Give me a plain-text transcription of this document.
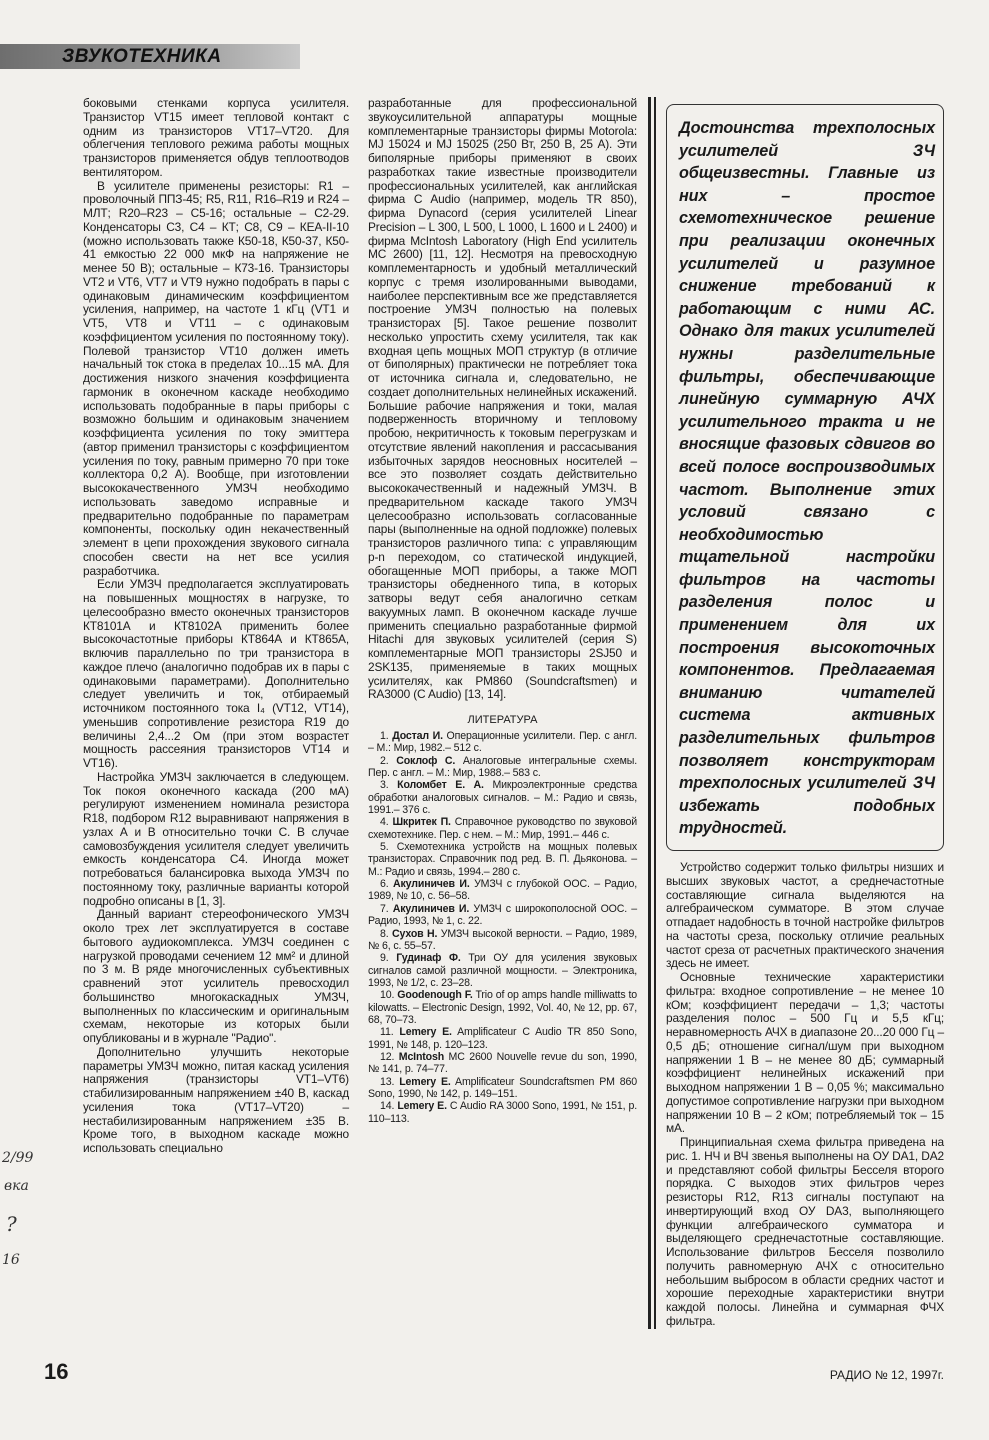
ЗВУКОТЕХНИКА

боковыми стенками корпуса усилителя. Транзистор VT15 имеет тепловой контакт с одним из транзисторов VT17–VT20. Для облегчения теплового режима работы мощных транзисторов применяется обдув теплоотводов вентилятором.

В усилителе применены резисторы: R1 – проволочный ППЗ-45; R5, R11, R16–R19 и R24 – МЛТ; R20–R23 – С5-16; остальные – С2-29. Конденсаторы С3, С4 – КТ; С8, С9 – КЕА-II-10 (можно использовать также К50-18, К50-37, К50-41 емкостью 22 000 мкФ на напряжение не менее 50 В); остальные – К73-16. Транзисторы VT2 и VT6, VT7 и VT9 нужно подобрать в пары с одинаковым динамическим коэффициентом усиления, например, на частоте 1 кГц (VT1 и VT5, VT8 и VT11 – с одинаковым коэффициентом усиления по постоянному току). Полевой транзистор VT10 должен иметь начальный ток стока в пределах 10...15 мА. Для достижения низкого значения коэффициента гармоник в оконечном каскаде необходимо использовать подобранные в пары приборы с возможно большим и одинаковым значением коэффициента усиления по току эмиттера (автор применил транзисторы с коэффициентом усиления по току, равным примерно 70 при токе коллектора 0,2 А). Вообще, при изготовлении высококачественного УМЗЧ необходимо использовать заведомо исправные и предварительно подобранные по параметрам компоненты, поскольку один некачественный элемент в цепи прохождения звукового сигнала способен свести на нет все усилия разработчика.

Если УМЗЧ предполагается эксплуатировать на повышенных мощностях в нагрузке, то целесообразно вместо оконечных транзисторов КТ8101А и КТ8102А применить более высокочастотные приборы КТ864А и КТ865А, включив параллельно по три транзистора в каждое плечо (аналогично подобрав их в пары с одинаковыми параметрами). Дополнительно следует увеличить и ток, отбираемый источником постоянного тока I₄ (VT12, VT14), уменьшив сопротивление резистора R19 до величины 2,4...2 Ом (при этом возрастет мощность рассеяния транзисторов VT14 и VT16).

Настройка УМЗЧ заключается в следующем. Ток покоя оконечного каскада (200 мА) регулируют изменением номинала резистора R18, подбором R12 выравнивают напряжения в узлах А и В относительно точки С. В случае самовозбуждения усилителя следует увеличить емкость конденсатора С4. Иногда может потребоваться балансировка выхода УМЗЧ по постоянному току, различные варианты которой подробно описаны в [1, 3].

Данный вариант стереофонического УМЗЧ около трех лет эксплуатируется в составе бытового аудиокомплекса. УМЗЧ соединен с нагрузкой проводами сечением 12 мм² и длиной по 3 м. В ряде многочисленных субъективных сравнений этот усилитель превосходил большинство многокаскадных УМЗЧ, выполненных по классическим и оригинальным схемам, некоторые из которых были опубликованы и в журнале "Радио".

Дополнительно улучшить некоторые параметры УМЗЧ можно, питая каскад усиления напряжения (транзисторы VT1–VT6) стабилизированным напряжением ±40 В, каскад усиления тока (VT17–VT20) – нестабилизированным напряжением ±35 В. Кроме того, в выходном каскаде можно использовать специально

разработанные для профессиональной звукоусилительной аппаратуры мощные комплементарные транзисторы фирмы Motorola: MJ 15024 и MJ 15025 (250 Вт, 250 В, 25 А). Эти биполярные приборы применяют в своих разработках такие известные производители профессиональных усилителей, как английская фирма C Audio (например, модель TR 850), фирма Dynacord (серия усилителей Linear Precision – L 300, L 500, L 1000, L 1600 и L 2400) и фирма McIntosh Laboratory (High End усилитель MC 2600) [11, 12]. Несмотря на превосходную комплементарность и удобный металлический корпус с тремя изолированными выводами, наиболее перспективным все же представляется построение УМЗЧ полностью на полевых транзисторах [5]. Такое решение позволит несколько упростить схему усилителя, так как входная цепь мощных МОП структур (в отличие от биполярных) практически не потребляет тока от источника сигнала и, следовательно, не создает дополнительных нелинейных искажений. Большие рабочие напряжения и токи, малая подверженность вторичному и тепловому пробою, некритичность к токовым перегрузкам и отсутствие явлений накопления и рассасывания избыточных зарядов неосновных носителей – все это позволяет создать действительно высококачественный и надежный УМЗЧ. В предварительном каскаде такого УМЗЧ целесообразно использовать согласованные пары (выполненные на одной подложке) полевых транзисторов различного типа: с управляющим p-n переходом, со статической индукцией, обогащенные МОП приборы, а также МОП транзисторы обедненного типа, в которых затворы ведут себя аналогично сеткам вакуумных ламп. В оконечном каскаде лучше применить специально разработанные фирмой Hitachi для звуковых усилителей (серия S) комплементарные МОП транзисторы 2SJ50 и 2SK135, применяемые в таких мощных усилителях, как PM860 (Soundcraftsmen) и RA3000 (C Audio) [13, 14].

ЛИТЕРАТУРА
1. Достал И. Операционные усилители. Пер. с англ. – М.: Мир, 1982.– 512 с.
2. Соклоф С. Аналоговые интегральные схемы. Пер. с англ. – М.: Мир, 1988.– 583 с.
3. Коломбет Е. А. Микроэлектронные средства обработки аналоговых сигналов. – М.: Радио и связь, 1991.– 376 с.
4. Шкритек П. Справочное руководство по звуковой схемотехнике. Пер. с нем. – М.: Мир, 1991.– 446 с.
5. Схемотехника устройств на мощных полевых транзисторах. Справочник под ред. В. П. Дьяконова. – М.: Радио и связь, 1994.– 280 с.
6. Акулиничев И. УМЗЧ с глубокой ООС. – Радио, 1989, № 10, с. 56–58.
7. Акулиничев И. УМЗЧ с широкополосной ООС. – Радио, 1993, № 1, с. 22.
8. Сухов Н. УМЗЧ высокой верности. – Радио, 1989, № 6, с. 55–57.
9. Гудинаф Ф. Три ОУ для усиления звуковых сигналов самой различной мощности. – Электроника, 1993, № 1/2, с. 23–28.
10. Goodenough F. Trio of op amps handle milliwatts to kilowatts. – Electronic Design, 1992, Vol. 40, № 12, pp. 67, 68, 70–73.
11. Lemery E. Amplificateur C Audio TR 850 Sono, 1991, № 148, p. 120–123.
12. McIntosh MC 2600 Nouvelle revue du son, 1990, № 141, p. 74–77.
13. Lemery E. Amplificateur Soundcraftsmen PM 860 Sono, 1990, № 142, p. 149–151.
14. Lemery E. C Audio RA 3000 Sono, 1991, № 151, p. 110–113.

Достоинства трехполосных усилителей ЗЧ общеизвестны. Главные из них – простое схемотехническое решение при реализации оконечных усилителей и разумное снижение требований к работающим с ними АС. Однако для таких усилителей нужны разделительные фильтры, обеспечивающие линейную суммарную АЧХ усилительного тракта и не вносящие фазовых сдвигов во всей полосе воспроизводимых частот. Выполнение этих условий связано с необходимостью тщательной настройки фильтров на частоты разделения полос и применением для их построения высокоточных компонентов. Предлагаемая вниманию читателей система активных разделительных фильтров позволяет конструкторам трехполосных усилителей ЗЧ избежать подобных трудностей.

Устройство содержит только фильтры низших и высших звуковых частот, а среднечастотные составляющие сигнала выделяются на алгебраическом сумматоре. В этом случае отпадает надобность в точной настройке фильтров на частоты среза, поскольку отличие реальных частот среза от расчетных практического значения здесь не имеет.

Основные технические характеристики фильтра: входное сопротивление – не менее 10 кОм; коэффициент передачи – 1,3; частоты разделения полос – 500 Гц и 5,5 кГц; неравномерность АЧХ в диапазоне 20...20 000 Гц – 0,5 дБ; отношение сигнал/шум при выходном напряжении 1 В – не менее 80 дБ; суммарный коэффициент нелинейных искажений при выходном напряжении 1 В – 0,05 %; максимально допустимое сопротивление нагрузки при выходном напряжении 10 В – 2 кОм; потребляемый ток – 15 мА.

Принципиальная схема фильтра приведена на рис. 1. НЧ и ВЧ звенья выполнены на ОУ DA1, DA2 и представляют собой фильтры Бесселя второго порядка. С выходов этих фильтров через резисторы R12, R13 сигналы поступают на инвертирующий вход ОУ DA3, выполняющего функции алгебраического сумматора и выделяющего среднечастотные составляющие. Использование фильтров Бесселя позволило получить равномерную АЧХ с относительно небольшим выбросом в области средних частот и хорошие переходные характеристики внутри каждой полосы. Линейна и суммарная ФЧХ фильтра.

16	РАДИО № 12, 1997г.
2/99
вка
?
16
